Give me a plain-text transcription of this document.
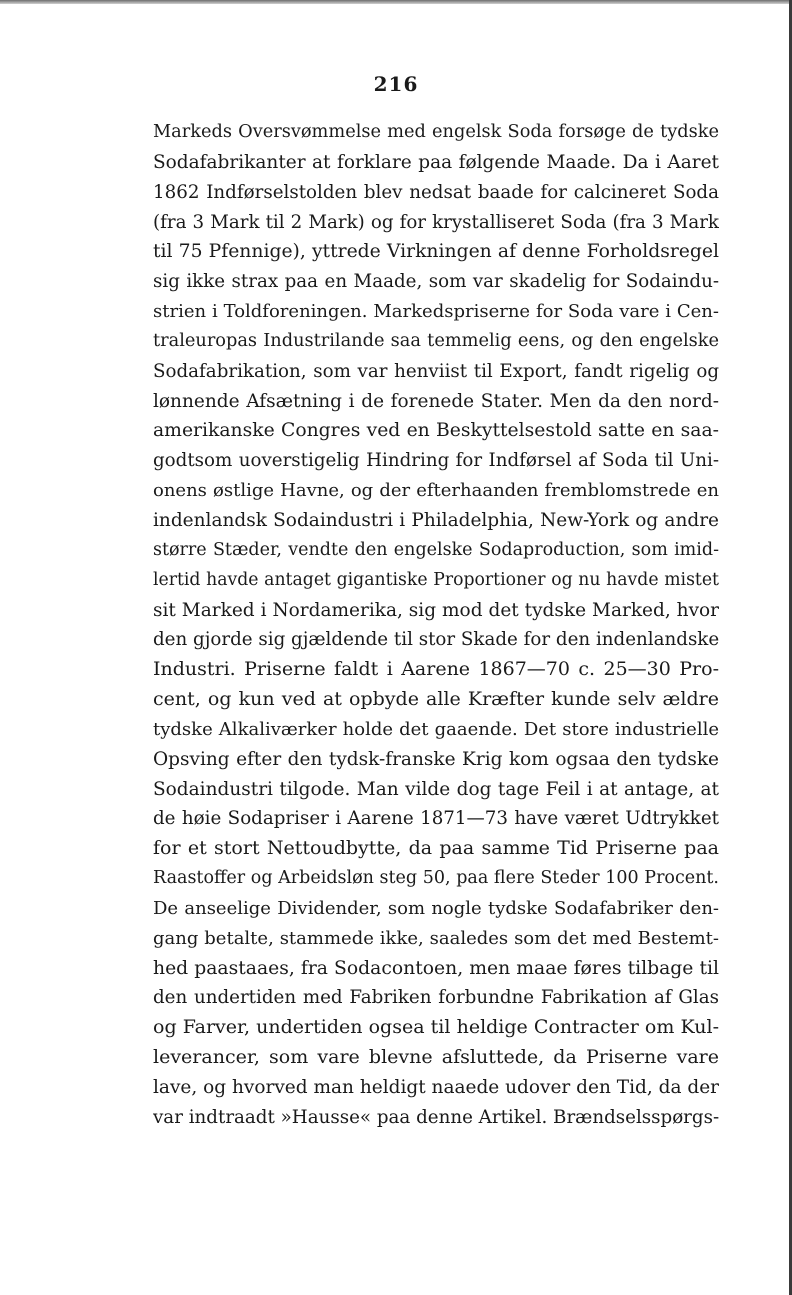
216
Markeds Oversvømmelse med engelsk Soda forsøge de tydske
Sodafabrikanter at forklare paa følgende Maade. Da i Aaret
1862 Indførselstolden blev nedsat baade for calcineret Soda
(fra 3 Mark til 2 Mark) og for krystalliseret Soda (fra 3 Mark
til 75 Pfennige), yttrede Virkningen af denne Forholdsregel
sig ikke strax paa en Maade, som var skadelig for Sodaindu-
strien i Toldforeningen. Markedspriserne for Soda vare i Cen-
traleuropas Industrilande saa temmelig eens, og den engelske
Sodafabrikation, som var henviist til Export, fandt rigelig og
lønnende Afsætning i de forenede Stater. Men da den nord-
amerikanske Congres ved en Beskyttelsestold satte en saa-
godtsom uoverstigelig Hindring for Indførsel af Soda til Uni-
onens østlige Havne, og der efterhaanden fremblomstrede en
indenlandsk Sodaindustri i Philadelphia, New-York og andre
større Stæder, vendte den engelske Sodaproduction, som imid-
lertid havde antaget gigantiske Proportioner og nu havde mistet
sit Marked i Nordamerika, sig mod det tydske Marked, hvor
den gjorde sig gjældende til stor Skade for den indenlandske
Industri. Priserne faldt i Aarene 1867—70 c. 25—30 Pro-
cent, og kun ved at opbyde alle Kræfter kunde selv ældre
tydske Alkaliværker holde det gaaende. Det store industrielle
Opsving efter den tydsk-franske Krig kom ogsaa den tydske
Sodaindustri tilgode. Man vilde dog tage Feil i at antage, at
de høie Sodapriser i Aarene 1871—73 have været Udtrykket
for et stort Nettoudbytte, da paa samme Tid Priserne paa
Raastoffer og Arbeidsløn steg 50, paa flere Steder 100 Procent.
De anseelige Dividender, som nogle tydske Sodafabriker den-
gang betalte, stammede ikke, saaledes som det med Bestemt-
hed paastaaes, fra Sodacontoen, men maae føres tilbage til
den undertiden med Fabriken forbundne Fabrikation af Glas
og Farver, undertiden ogsea til heldige Contracter om Kul-
leverancer, som vare blevne afsluttede, da Priserne vare
lave, og hvorved man heldigt naaede udover den Tid, da der
var indtraadt »Hausse« paa denne Artikel. Brændselsspørgs-
